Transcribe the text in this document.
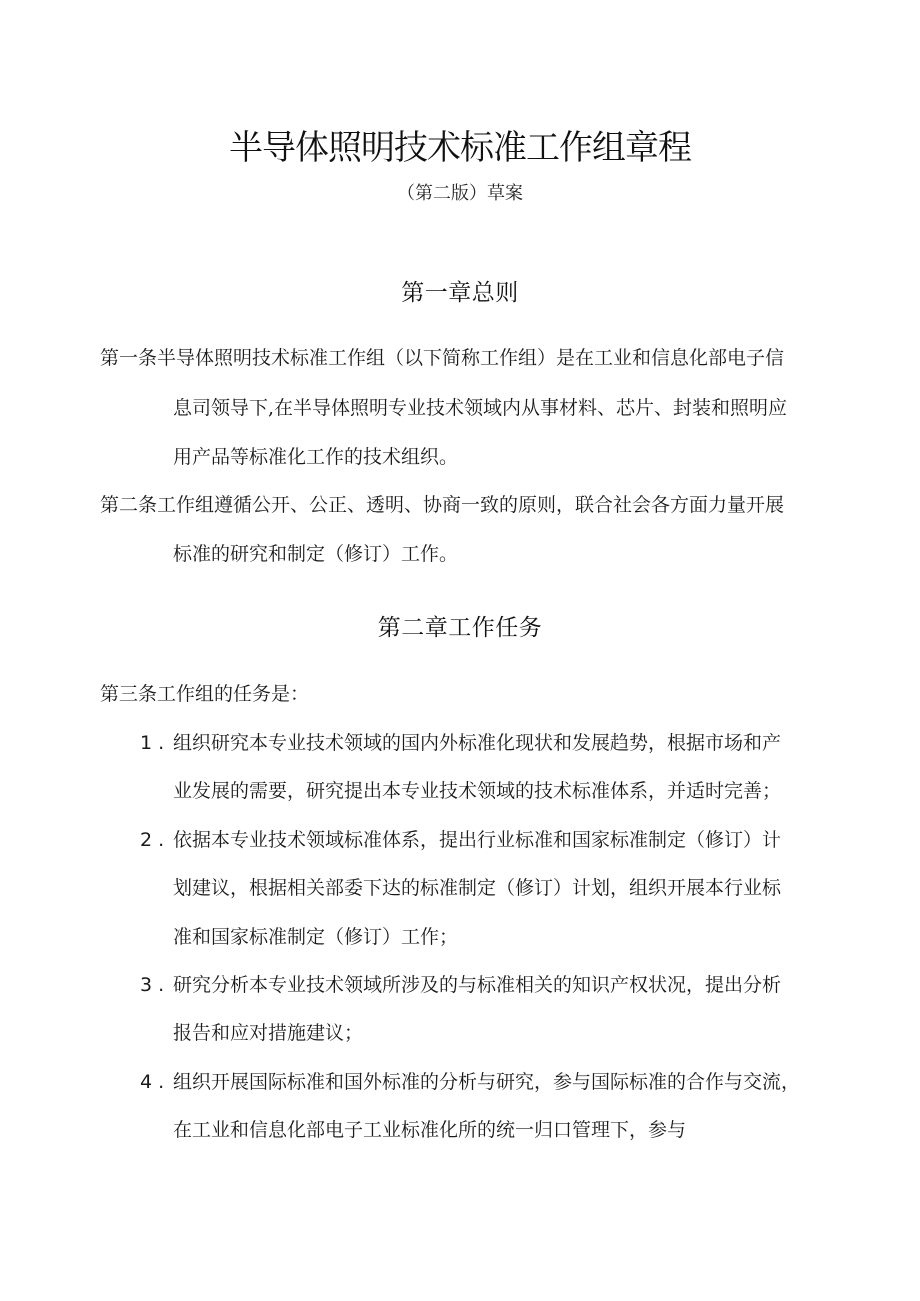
半导体照明技术标准工作组章程
（第二版）草案
第一章总则
第一条半导体照明技术标准工作组（以下简称工作组）是在工业和信息化部电子信
息司领导下,在半导体照明专业技术领域内从事材料、芯片、封装和照明应
用产品等标准化工作的技术组织。
第二条工作组遵循公开、公正、透明、协商一致的原则，联合社会各方面力量开展
标准的研究和制定（修订）工作。
第二章工作任务
第三条工作组的任务是：
1 . 组织研究本专业技术领域的国内外标准化现状和发展趋势，根据市场和产
业发展的需要，研究提出本专业技术领域的技术标准体系，并适时完善；
2 . 依据本专业技术领域标准体系，提出行业标准和国家标准制定（修订）计
划建议，根据相关部委下达的标准制定（修订）计划，组织开展本行业标
准和国家标准制定（修订）工作；
3 . 研究分析本专业技术领域所涉及的与标准相关的知识产权状况，提出分析
报告和应对措施建议；
4 . 组织开展国际标准和国外标准的分析与研究，参与国际标准的合作与交流，
在工业和信息化部电子工业标准化所的统一归口管理下，参与
